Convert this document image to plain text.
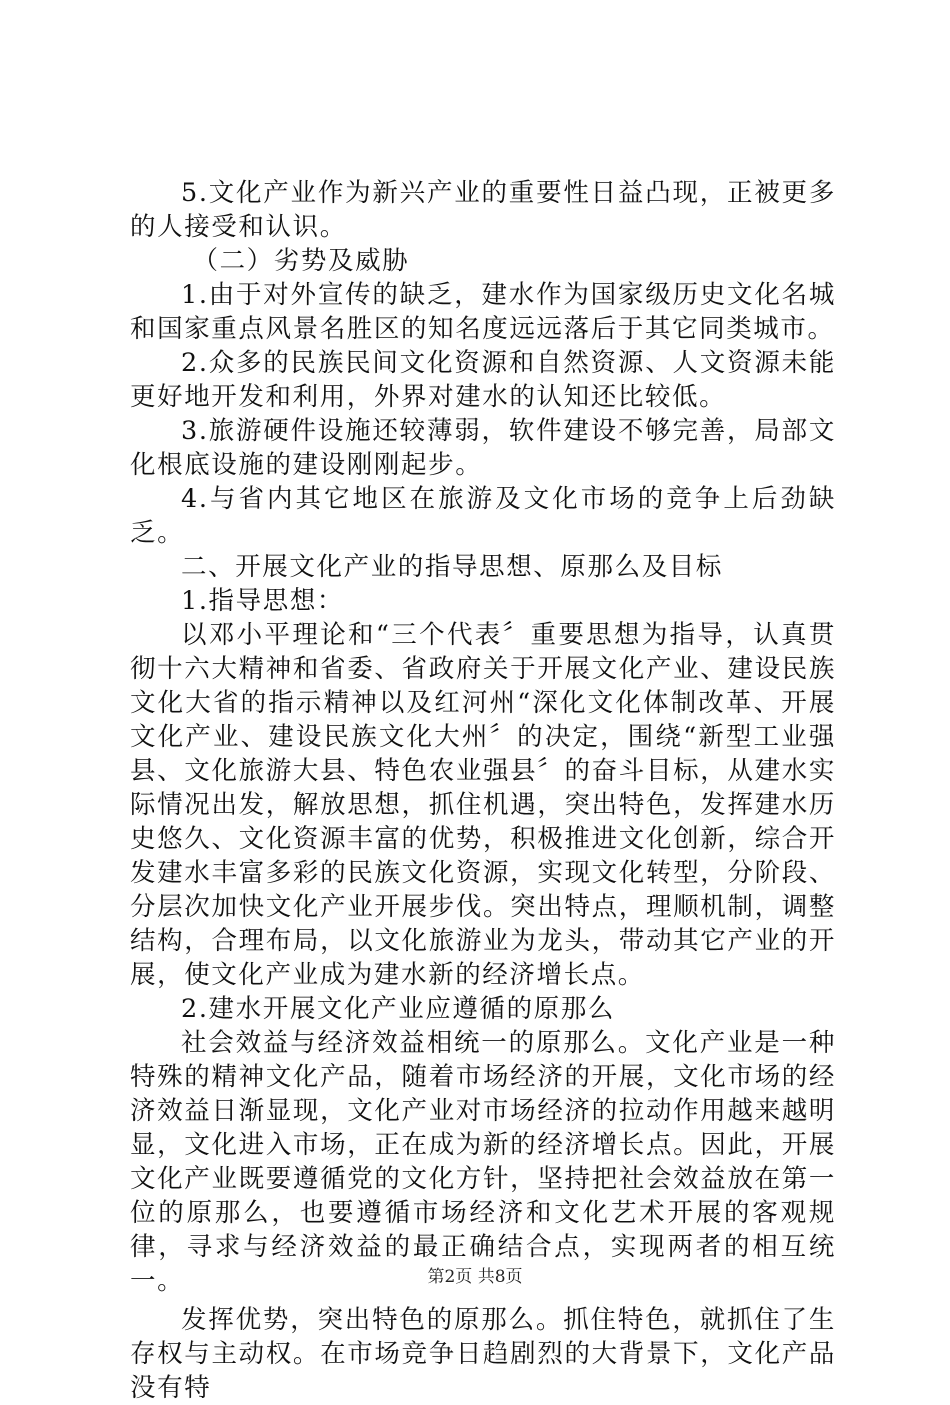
5.文化产业作为新兴产业的重要性日益凸现，正被更多的人接受和认识。

（二）劣势及威胁

1.由于对外宣传的缺乏，建水作为国家级历史文化名城和国家重点风景名胜区的知名度远远落后于其它同类城市。

2.众多的民族民间文化资源和自然资源、人文资源未能更好地开发和利用，外界对建水的认知还比较低。

3.旅游硬件设施还较薄弱，软件建设不够完善，局部文化根底设施的建设刚刚起步。

4.与省内其它地区在旅游及文化市场的竞争上后劲缺乏。

二、开展文化产业的指导思想、原那么及目标

1.指导思想：

以邓小平理论和“三个代表〞重要思想为指导，认真贯彻十六大精神和省委、省政府关于开展文化产业、建设民族文化大省的指示精神以及红河州“深化文化体制改革、开展文化产业、建设民族文化大州〞的决定，围绕“新型工业强县、文化旅游大县、特色农业强县〞的奋斗目标，从建水实际情况出发，解放思想，抓住机遇，突出特色，发挥建水历史悠久、文化资源丰富的优势，积极推进文化创新，综合开发建水丰富多彩的民族文化资源，实现文化转型，分阶段、分层次加快文化产业开展步伐。突出特点，理顺机制，调整结构，合理布局，以文化旅游业为龙头，带动其它产业的开展，使文化产业成为建水新的经济增长点。

2.建水开展文化产业应遵循的原那么

社会效益与经济效益相统一的原那么。文化产业是一种特殊的精神文化产品，随着市场经济的开展，文化市场的经济效益日渐显现，文化产业对市场经济的拉动作用越来越明显，文化进入市场，正在成为新的经济增长点。因此，开展文化产业既要遵循党的文化方针，坚持把社会效益放在第一位的原那么，也要遵循市场经济和文化艺术开展的客观规律，寻求与经济效益的最正确结合点，实现两者的相互统一。

发挥优势，突出特色的原那么。抓住特色，就抓住了生存权与主动权。在市场竞争日趋剧烈的大背景下，文化产品没有特

第2页 共8页
